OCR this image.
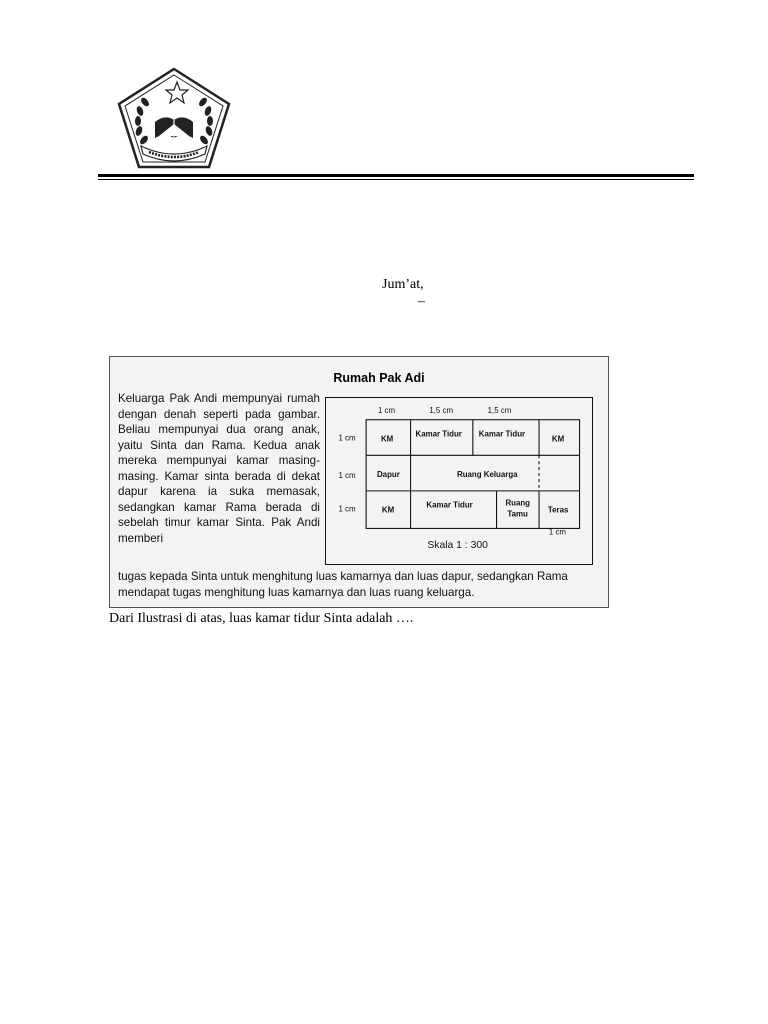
Jum’at,
–
Rumah Pak Adi
Keluarga Pak Andi mempunyai rumah dengan denah seperti pada gambar. Beliau mempunyai dua orang anak, yaitu Sinta dan Rama. Kedua anak mereka mempunyai kamar masing-masing. Kamar sinta berada di dekat dapur karena ia suka memasak, sedangkan kamar Rama berada di sebelah timur kamar Sinta. Pak Andi memberi
tugas kepada Sinta untuk menghitung luas kamarnya dan luas dapur, sedangkan Rama mendapat tugas menghitung luas kamarnya dan luas ruang keluarga.
1 cm	1,5 cm	1,5 cm
1 cm
1 cm
1 cm
1 cm
KM
Kamar Tidur Kamar Tidur
KM
Dapur	Ruang Keluarga
KM
Kamar Tidur	Ruang
Tamu	Teras
Skala 1 : 300
Dari Ilustrasi di atas, luas kamar tidur Sinta adalah ….
